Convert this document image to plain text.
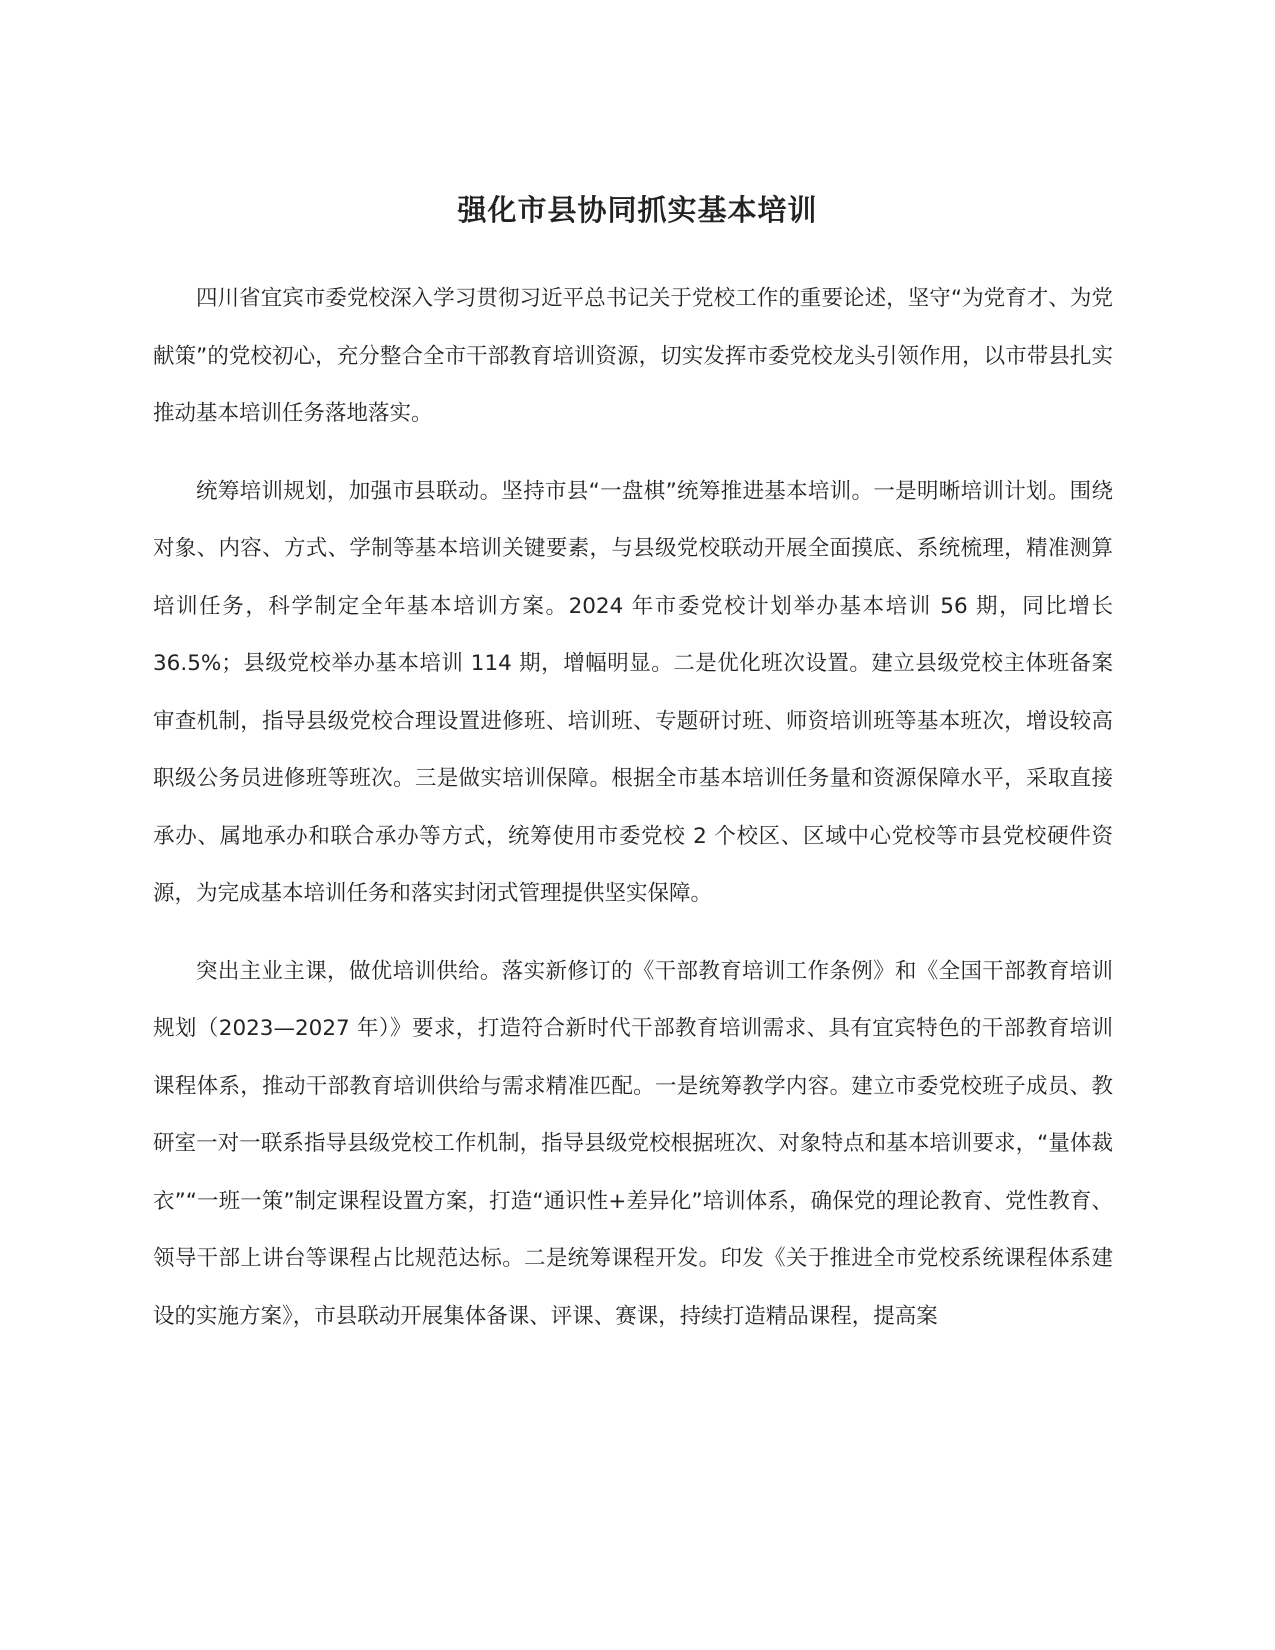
强化市县协同抓实基本培训

四川省宜宾市委党校深入学习贯彻习近平总书记关于党校工作的重要论述，坚守“为党育才、为党献策”的党校初心，充分整合全市干部教育培训资源，切实发挥市委党校龙头引领作用，以市带县扎实推动基本培训任务落地落实。

统筹培训规划，加强市县联动。坚持市县“一盘棋”统筹推进基本培训。一是明晰培训计划。围绕对象、内容、方式、学制等基本培训关键要素，与县级党校联动开展全面摸底、系统梳理，精准测算培训任务，科学制定全年基本培训方案。2024 年市委党校计划举办基本培训 56 期，同比增长 36.5%；县级党校举办基本培训 114 期，增幅明显。二是优化班次设置。建立县级党校主体班备案审查机制，指导县级党校合理设置进修班、培训班、专题研讨班、师资培训班等基本班次，增设较高职级公务员进修班等班次。三是做实培训保障。根据全市基本培训任务量和资源保障水平，采取直接承办、属地承办和联合承办等方式，统筹使用市委党校 2 个校区、区域中心党校等市县党校硬件资源，为完成基本培训任务和落实封闭式管理提供坚实保障。

突出主业主课，做优培训供给。落实新修订的《干部教育培训工作条例》和《全国干部教育培训规划（2023—2027 年）》要求，打造符合新时代干部教育培训需求、具有宜宾特色的干部教育培训课程体系，推动干部教育培训供给与需求精准匹配。一是统筹教学内容。建立市委党校班子成员、教研室一对一联系指导县级党校工作机制，指导县级党校根据班次、对象特点和基本培训要求，“量体裁衣”“一班一策”制定课程设置方案，打造“通识性+差异化”培训体系，确保党的理论教育、党性教育、领导干部上讲台等课程占比规范达标。二是统筹课程开发。印发《关于推进全市党校系统课程体系建设的实施方案》，市县联动开展集体备课、评课、赛课，持续打造精品课程，提高案
